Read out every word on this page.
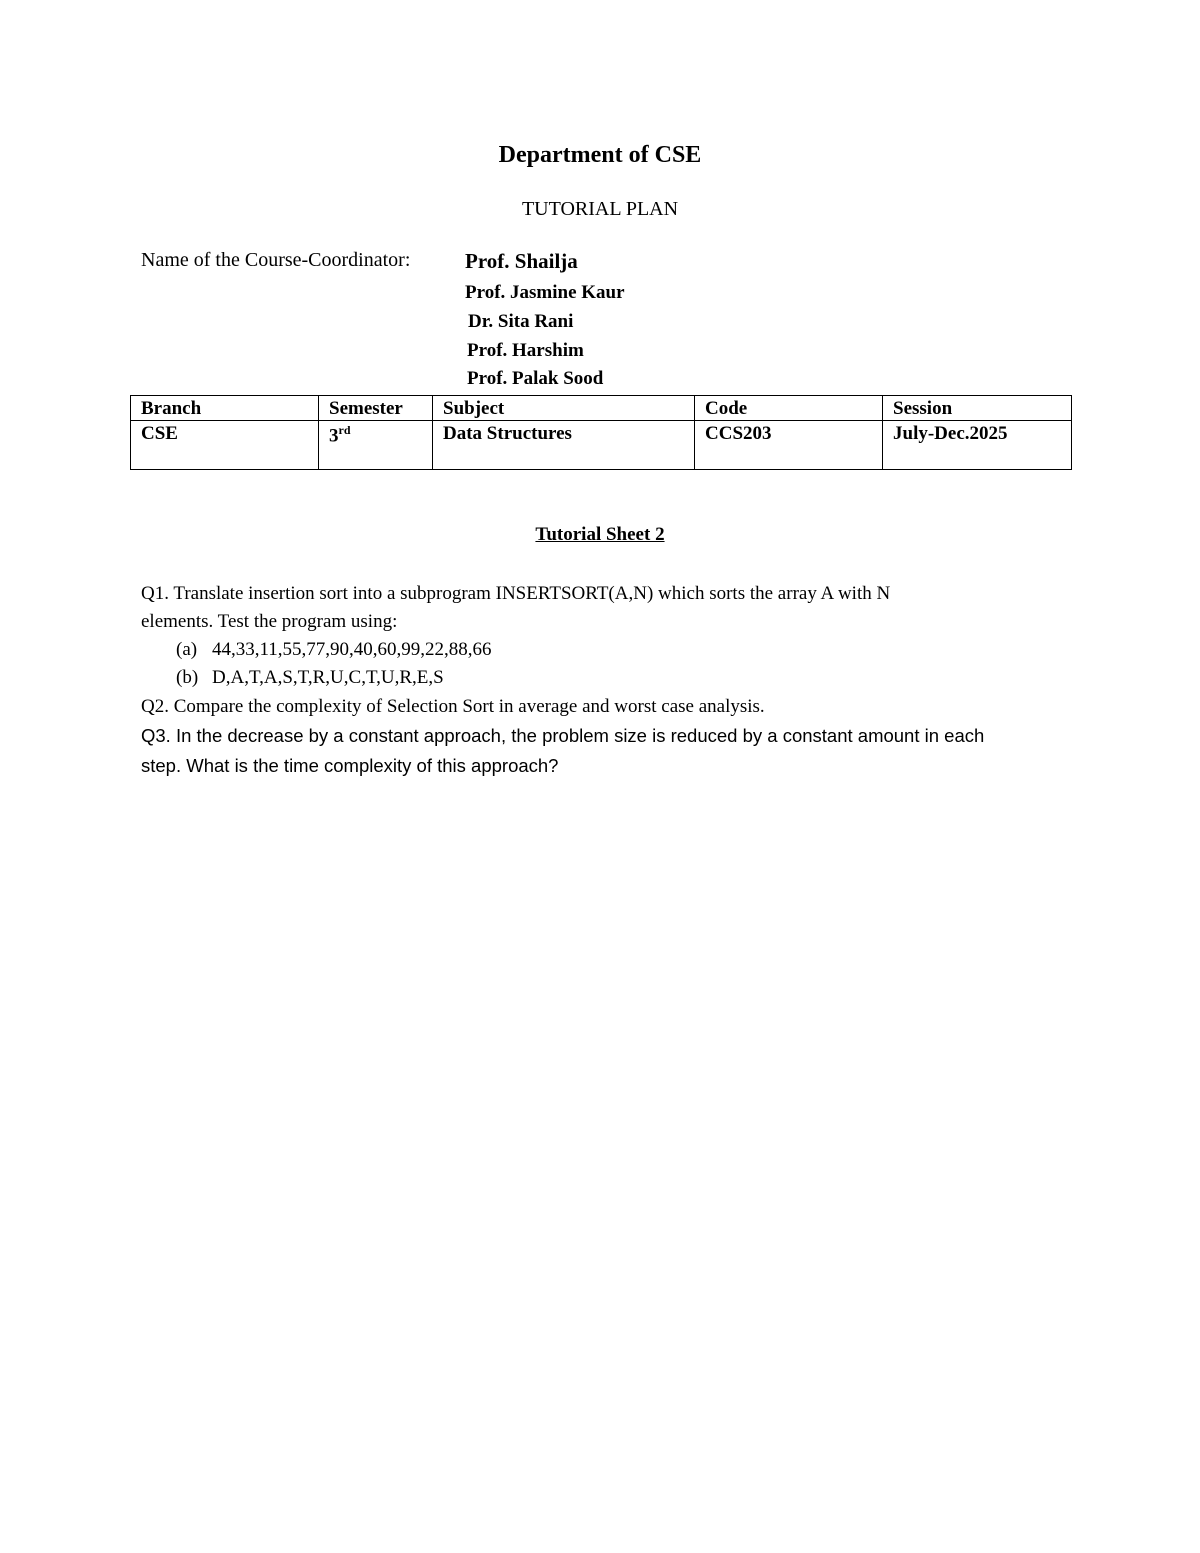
Department of CSE
TUTORIAL PLAN
Name of the Course-Coordinator:	Prof. Shailja
Prof. Jasmine Kaur
Dr. Sita Rani
Prof. Harshim
Prof. Palak Sood
Branch	Semester	Subject	Code	Session
CSE	3rd	Data Structures	CCS203	July-Dec.2025
Tutorial Sheet 2
Q1. Translate insertion sort into a subprogram INSERTSORT(A,N) which sorts the array A with N
elements. Test the program using:
(a) 44,33,11,55,77,90,40,60,99,22,88,66
(b) D,A,T,A,S,T,R,U,C,T,U,R,E,S
Q2. Compare the complexity of Selection Sort in average and worst case analysis.
Q3. In the decrease by a constant approach, the problem size is reduced by a constant amount in each
step. What is the time complexity of this approach?
